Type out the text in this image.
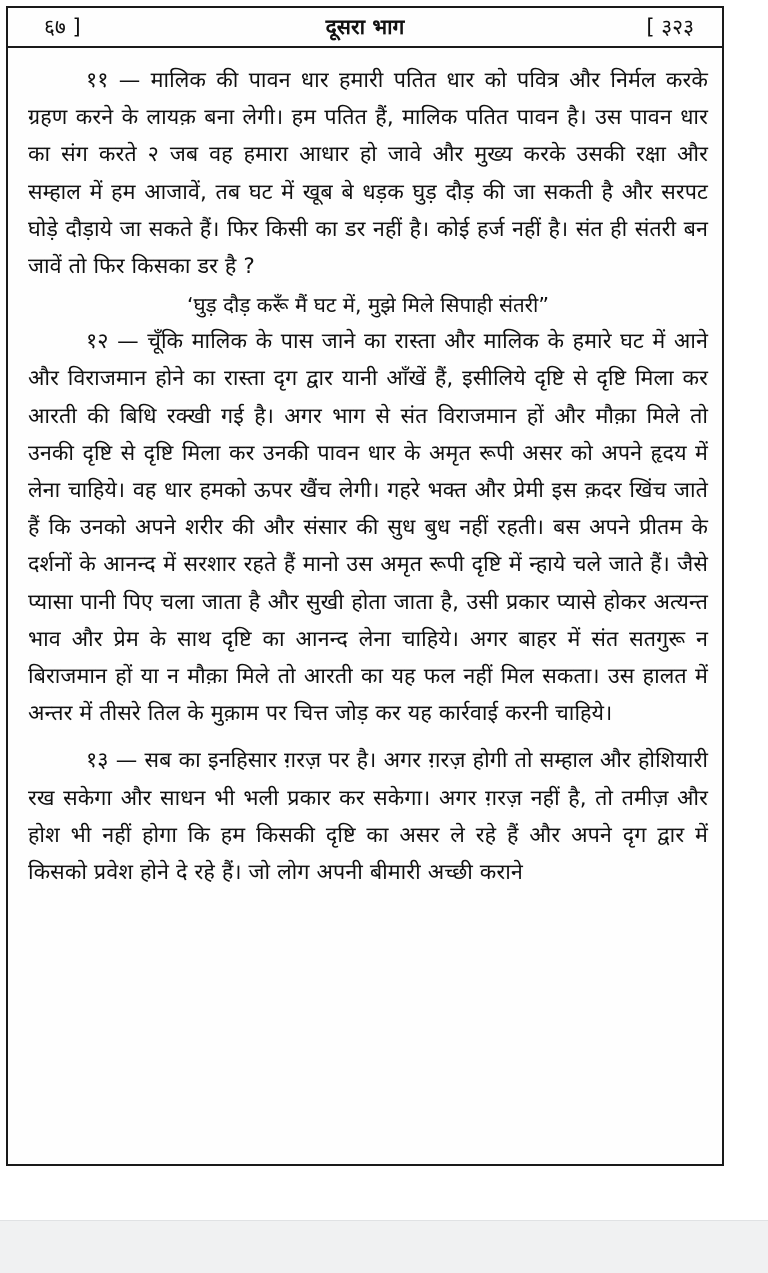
६७ ]	दूसरा भाग	[ ३२३

११ — मालिक की पावन धार हमारी पतित धार को पवित्र और निर्मल करके ग्रहण करने के लायक़ बना लेगी। हम पतित हैं, मालिक पतित पावन है। उस पावन धार का संग करते २ जब वह हमारा आधार हो जावे और मुख्य करके उसकी रक्षा और सम्हाल में हम आजावें, तब घट में खूब बे धड़क घुड़ दौड़ की जा सकती है और सरपट घोड़े दौड़ाये जा सकते हैं। फिर किसी का डर नहीं है। कोई हर्ज नहीं है। संत ही संतरी बन जावें तो फिर किसका डर है ?

‘घुड़ दौड़ करूँ मैं घट में, मुझे मिले सिपाही संतरी”

१२ — चूँकि मालिक के पास जाने का रास्ता और मालिक के हमारे घट में आने और विराजमान होने का रास्ता दृग द्वार यानी आँखें हैं, इसीलिये दृष्टि से दृष्टि मिला कर आरती की बिधि रक्खी गई है। अगर भाग से संत विराजमान हों और मौक़ा मिले तो उनकी दृष्टि से दृष्टि मिला कर उनकी पावन धार के अमृत रूपी असर को अपने हृदय में लेना चाहिये। वह धार हमको ऊपर खैंच लेगी। गहरे भक्त और प्रेमी इस क़दर खिंच जाते हैं कि उनको अपने शरीर की और संसार की सुध बुध नहीं रहती। बस अपने प्रीतम के दर्शनों के आनन्द में सरशार रहते हैं मानो उस अमृत रूपी दृष्टि में न्हाये चले जाते हैं। जैसे प्यासा पानी पिए चला जाता है और सुखी होता जाता है, उसी प्रकार प्यासे होकर अत्यन्त भाव और प्रेम के साथ दृष्टि का आनन्द लेना चाहिये। अगर बाहर में संत सतगुरू न बिराजमान हों या न मौक़ा मिले तो आरती का यह फल नहीं मिल सकता। उस हालत में अन्तर में तीसरे तिल के मुक़ाम पर चित्त जोड़ कर यह कार्रवाई करनी चाहिये।

१३ — सब का इनहिसार ग़रज़ पर है। अगर ग़रज़ होगी तो सम्हाल और होशियारी रख सकेगा और साधन भी भली प्रकार कर सकेगा। अगर ग़रज़ नहीं है, तो तमीज़ और होश भी नहीं होगा कि हम किसकी दृष्टि का असर ले रहे हैं और अपने दृग द्वार में किसको प्रवेश होने दे रहे हैं। जो लोग अपनी बीमारी अच्छी कराने
